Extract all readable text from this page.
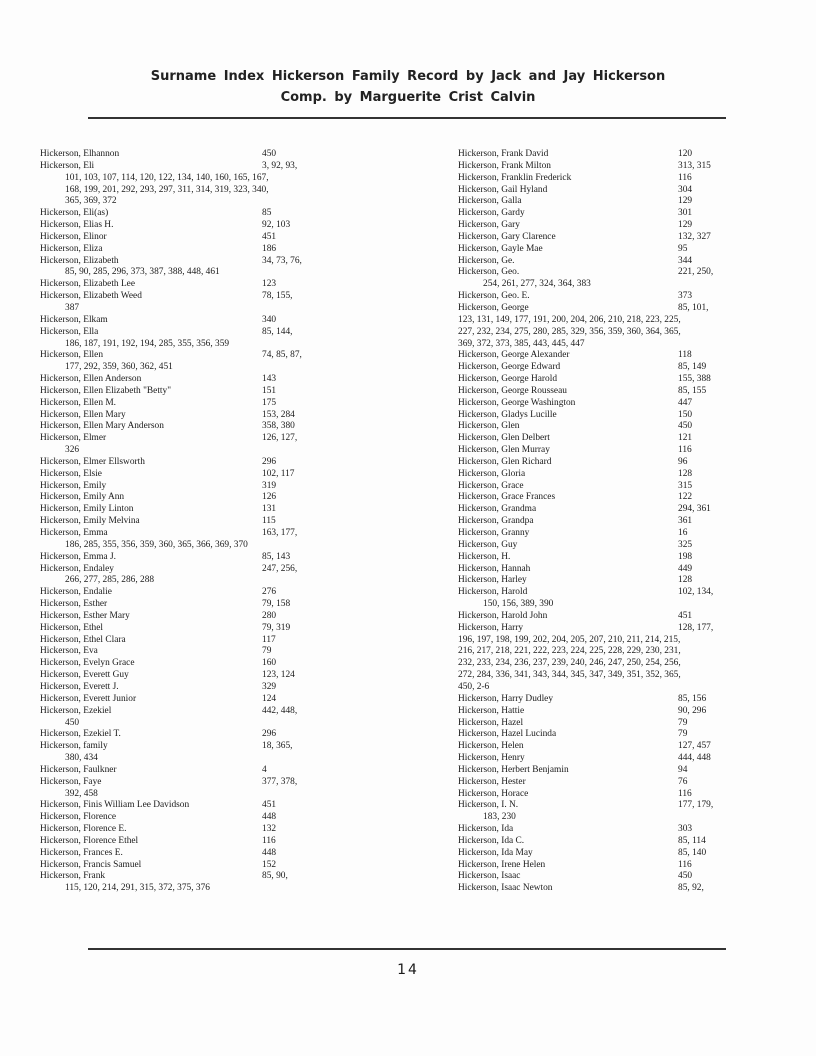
Surname Index Hickerson Family Record by Jack and Jay Hickerson
Comp. by Marguerite Crist Calvin
Hickerson, Elhannon	450
Hickerson, Eli	3, 92, 93,
101, 103, 107, 114, 120, 122, 134, 140, 160, 165, 167,
168, 199, 201, 292, 293, 297, 311, 314, 319, 323, 340,
365, 369, 372
Hickerson, Eli(as)	85
Hickerson, Elias H.	92, 103
Hickerson, Elinor	451
Hickerson, Eliza	186
Hickerson, Elizabeth	34, 73, 76,
85, 90, 285, 296, 373, 387, 388, 448, 461
Hickerson, Elizabeth Lee	123
Hickerson, Elizabeth Weed	78, 155,
387
Hickerson, Elkam	340
Hickerson, Ella	85, 144,
186, 187, 191, 192, 194, 285, 355, 356, 359
Hickerson, Ellen	74, 85, 87,
177, 292, 359, 360, 362, 451
Hickerson, Ellen Anderson	143
Hickerson, Ellen Elizabeth "Betty"	151
Hickerson, Ellen M.	175
Hickerson, Ellen Mary	153, 284
Hickerson, Ellen Mary Anderson	358, 380
Hickerson, Elmer	126, 127,
326
Hickerson, Elmer Ellsworth	296
Hickerson, Elsie	102, 117
Hickerson, Emily	319
Hickerson, Emily Ann	126
Hickerson, Emily Linton	131
Hickerson, Emily Melvina	115
Hickerson, Emma	163, 177,
186, 285, 355, 356, 359, 360, 365, 366, 369, 370
Hickerson, Emma J.	85, 143
Hickerson, Endaley	247, 256,
266, 277, 285, 286, 288
Hickerson, Endalie	276
Hickerson, Esther	79, 158
Hickerson, Esther Mary	280
Hickerson, Ethel	79, 319
Hickerson, Ethel Clara	117
Hickerson, Eva	79
Hickerson, Evelyn Grace	160
Hickerson, Everett Guy	123, 124
Hickerson, Everett J.	329
Hickerson, Everett Junior	124
Hickerson, Ezekiel	442, 448,
450
Hickerson, Ezekiel T.	296
Hickerson, family	18, 365,
380, 434
Hickerson, Faulkner	4
Hickerson, Faye	377, 378,
392, 458
Hickerson, Finis William Lee Davidson	451
Hickerson, Florence	448
Hickerson, Florence E.	132
Hickerson, Florence Ethel	116
Hickerson, Frances E.	448
Hickerson, Francis Samuel	152
Hickerson, Frank	85, 90,
115, 120, 214, 291, 315, 372, 375, 376
Hickerson, Frank David	120
Hickerson, Frank Milton	313, 315
Hickerson, Franklin Frederick	116
Hickerson, Gail Hyland	304
Hickerson, Galla	129
Hickerson, Gardy	301
Hickerson, Gary	129
Hickerson, Gary Clarence	132, 327
Hickerson, Gayle Mae	95
Hickerson, Ge.	344
Hickerson, Geo.	221, 250,
254, 261, 277, 324, 364, 383
Hickerson, Geo. E.	373
Hickerson, George	85, 101,
123, 131, 149, 177, 191, 200, 204, 206, 210, 218, 223, 225,
227, 232, 234, 275, 280, 285, 329, 356, 359, 360, 364, 365,
369, 372, 373, 385, 443, 445, 447
Hickerson, George Alexander	118
Hickerson, George Edward	85, 149
Hickerson, George Harold	155, 388
Hickerson, George Rousseau	85, 155
Hickerson, George Washington	447
Hickerson, Gladys Lucille	150
Hickerson, Glen	450
Hickerson, Glen Delbert	121
Hickerson, Glen Murray	116
Hickerson, Glen Richard	96
Hickerson, Gloria	128
Hickerson, Grace	315
Hickerson, Grace Frances	122
Hickerson, Grandma	294, 361
Hickerson, Grandpa	361
Hickerson, Granny	16
Hickerson, Guy	325
Hickerson, H.	198
Hickerson, Hannah	449
Hickerson, Harley	128
Hickerson, Harold	102, 134,
150, 156, 389, 390
Hickerson, Harold John	451
Hickerson, Harry	128, 177,
196, 197, 198, 199, 202, 204, 205, 207, 210, 211, 214, 215,
216, 217, 218, 221, 222, 223, 224, 225, 228, 229, 230, 231,
232, 233, 234, 236, 237, 239, 240, 246, 247, 250, 254, 256,
272, 284, 336, 341, 343, 344, 345, 347, 349, 351, 352, 365,
450, 2-6
Hickerson, Harry Dudley	85, 156
Hickerson, Hattie	90, 296
Hickerson, Hazel	79
Hickerson, Hazel Lucinda	79
Hickerson, Helen	127, 457
Hickerson, Henry	444, 448
Hickerson, Herbert Benjamin	94
Hickerson, Hester	76
Hickerson, Horace	116
Hickerson, I. N.	177, 179,
183, 230
Hickerson, Ida	303
Hickerson, Ida C.	85, 114
Hickerson, Ida May	85, 140
Hickerson, Irene Helen	116
Hickerson, Isaac	450
Hickerson, Isaac Newton	85, 92,
14
